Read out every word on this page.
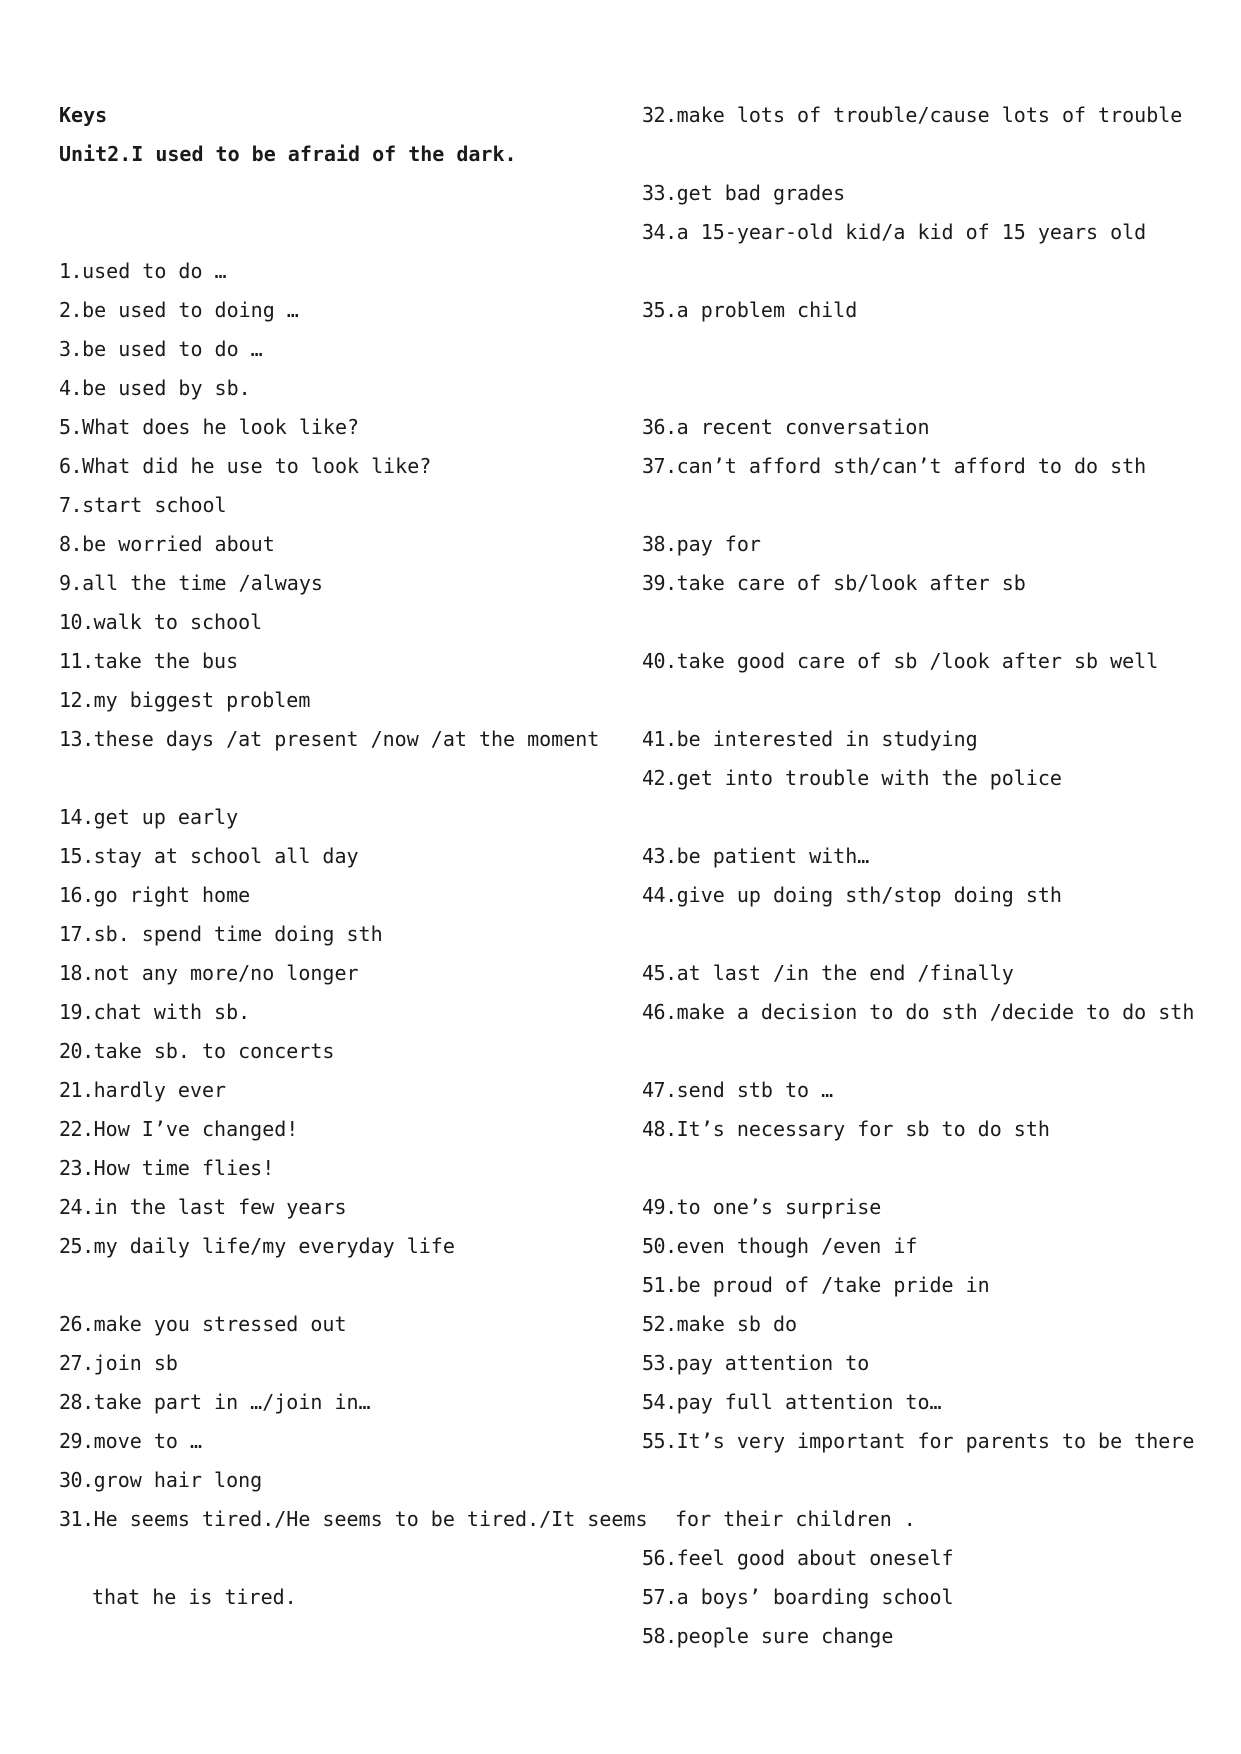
Keys
Unit2.I used to be afraid of the dark.
1.used to do …
2.be used to doing …
3.be used to do …
4.be used by sb.
5.What does he look like?
6.What did he use to look like?
7.start school
8.be worried about
9.all the time /always
10.walk to school
11.take the bus
12.my biggest problem
13.these days /at present /now /at the moment
14.get up early
15.stay at school all day
16.go right home
17.sb. spend time doing sth
18.not any more/no longer
19.chat with sb.
20.take sb. to concerts
21.hardly ever
22.How I’ve changed!
23.How time flies!
24.in the last few years
25.my daily life/my everyday life
26.make you stressed out
27.join sb
28.take part in …/join in…
29.move to …
30.grow hair long
31.He seems tired./He seems to be tired./It seems
that he is tired.
32.make lots of trouble/cause lots of trouble
33.get bad grades
34.a 15-year-old kid/a kid of 15 years old
35.a problem child
36.a recent conversation
37.can’t afford sth/can’t afford to do sth
38.pay for
39.take care of sb/look after sb
40.take good care of sb /look after sb well
41.be interested in studying
42.get into trouble with the police
43.be patient with…
44.give up doing sth/stop doing sth
45.at last /in the end /finally
46.make a decision to do sth /decide to do sth
47.send stb to …
48.It’s necessary for sb to do sth
49.to one’s surprise
50.even though /even if
51.be proud of /take pride in
52.make sb do
53.pay attention to
54.pay full attention to…
55.It’s very important for parents to be there
for their children .
56.feel good about oneself
57.a boys’ boarding school
58.people sure change
